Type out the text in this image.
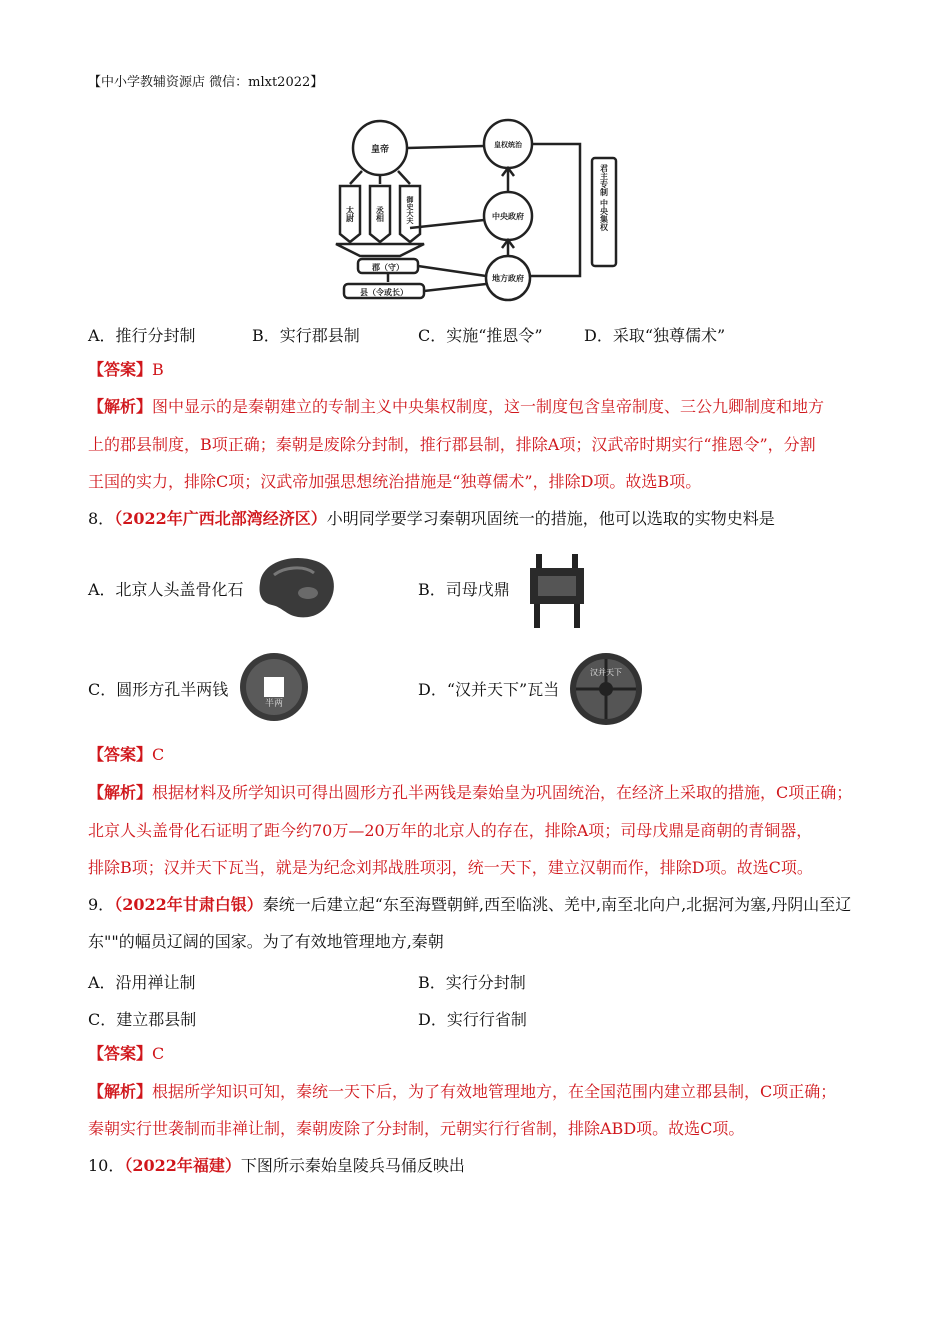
【中小学教辅资源店 微信：mlxt2022】
皇帝	皇权统治
中央政府
地方政府
郡（守）
县（令或长）
太尉	丞相	御史大夫	君主专制 中央集权
A．推行分封制	B．实行郡县制	C．实施“推恩令”	D．采取“独尊儒术”
【答案】B
【解析】图中显示的是秦朝建立的专制主义中央集权制度，这一制度包含皇帝制度、三公九卿制度和地方
上的郡县制度，B项正确；秦朝是废除分封制，推行郡县制，排除A项；汉武帝时期实行“推恩令”，分割
王国的实力，排除C项；汉武帝加强思想统治措施是“独尊儒术”，排除D项。故选B项。
8．（2022年广西北部湾经济区）小明同学要学习秦朝巩固统一的措施，他可以选取的实物史料是
A．北京人头盖骨化石	B．司母戊鼎
C．圆形方孔半两钱
半两
D．“汉并天下”瓦当
汉并天下
【答案】C
【解析】根据材料及所学知识可得出圆形方孔半两钱是秦始皇为巩固统治，在经济上采取的措施，C项正确；
北京人头盖骨化石证明了距今约70万—20万年的北京人的存在，排除A项；司母戊鼎是商朝的青铜器，
排除B项；汉并天下瓦当，就是为纪念刘邦战胜项羽，统一天下，建立汉朝而作，排除D项。故选C项。
9．（2022年甘肃白银）秦统一后建立起“东至海暨朝鲜,西至临洮、羌中,南至北向户,北据河为塞,丹阴山至辽
东""的幅员辽阔的国家。为了有效地管理地方,秦朝
A．沿用禅让制	B．实行分封制
C．建立郡县制	D．实行行省制
【答案】C
【解析】根据所学知识可知，秦统一天下后，为了有效地管理地方，在全国范围内建立郡县制，C项正确；
秦朝实行世袭制而非禅让制，秦朝废除了分封制，元朝实行行省制，排除ABD项。故选C项。
10．（2022年福建）下图所示秦始皇陵兵马俑反映出
